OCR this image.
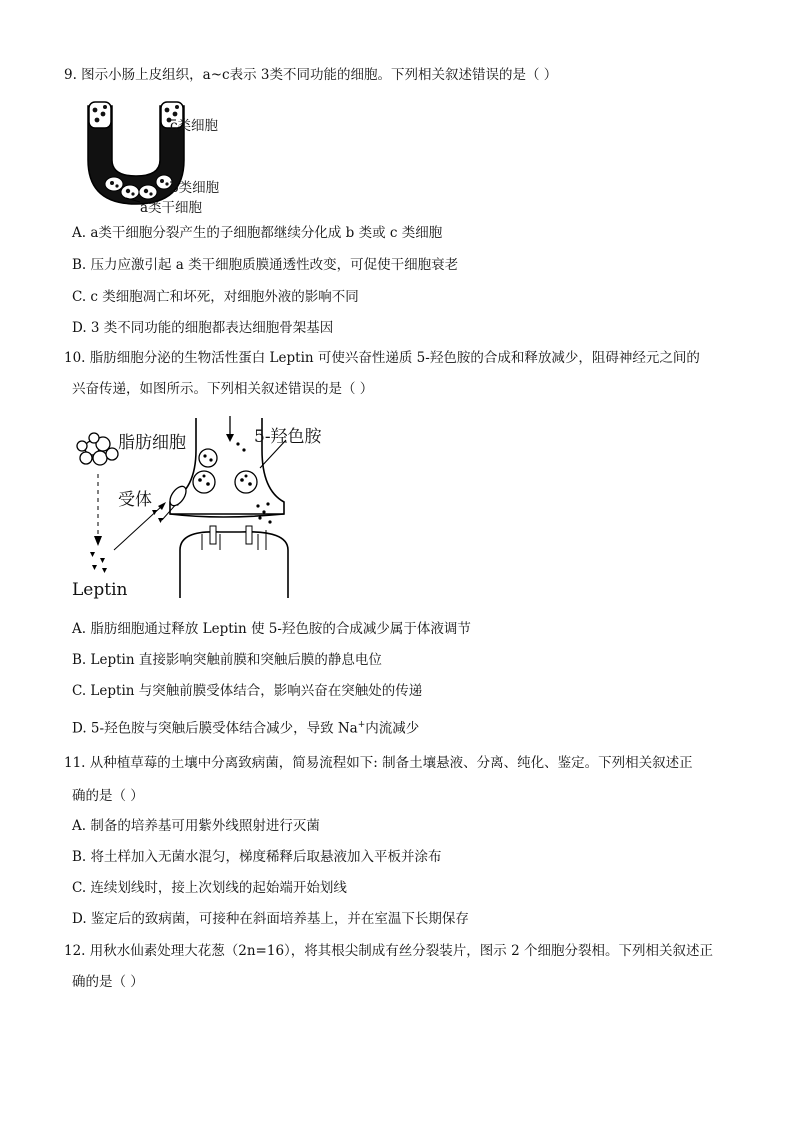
9. 图示小肠上皮组织，a~c表示 3类不同功能的细胞。下列相关叙述错误的是（ ）
c类细胞
b类细胞
a类干细胞
A. a类干细胞分裂产生的子细胞都继续分化成 b 类或 c 类细胞
B. 压力应激引起 a 类干细胞质膜通透性改变，可促使干细胞衰老
C. c 类细胞凋亡和坏死，对细胞外液的影响不同
D. 3 类不同功能的细胞都表达细胞骨架基因
10. 脂肪细胞分泌的生物活性蛋白 Leptin 可使兴奋性递质 5-羟色胺的合成和释放减少，阻碍神经元之间的
兴奋传递，如图所示。下列相关叙述错误的是（ ）
脂肪细胞	5-羟色胺
受体
Leptin
A. 脂肪细胞通过释放 Leptin 使 5-羟色胺的合成减少属于体液调节
B. Leptin 直接影响突触前膜和突触后膜的静息电位
C. Leptin 与突触前膜受体结合，影响兴奋在突触处的传递
D. 5-羟色胺与突触后膜受体结合减少，导致 Na+内流减少
11. 从种植草莓的土壤中分离致病菌，简易流程如下: 制备土壤悬液、分离、纯化、鉴定。下列相关叙述正
确的是（ ）
A. 制备的培养基可用紫外线照射进行灭菌
B. 将土样加入无菌水混匀，梯度稀释后取悬液加入平板并涂布
C. 连续划线时，接上次划线的起始端开始划线
D. 鉴定后的致病菌，可接种在斜面培养基上，并在室温下长期保存
12. 用秋水仙素处理大花葱（2n=16），将其根尖制成有丝分裂装片，图示 2 个细胞分裂相。下列相关叙述正
确的是（ ）
